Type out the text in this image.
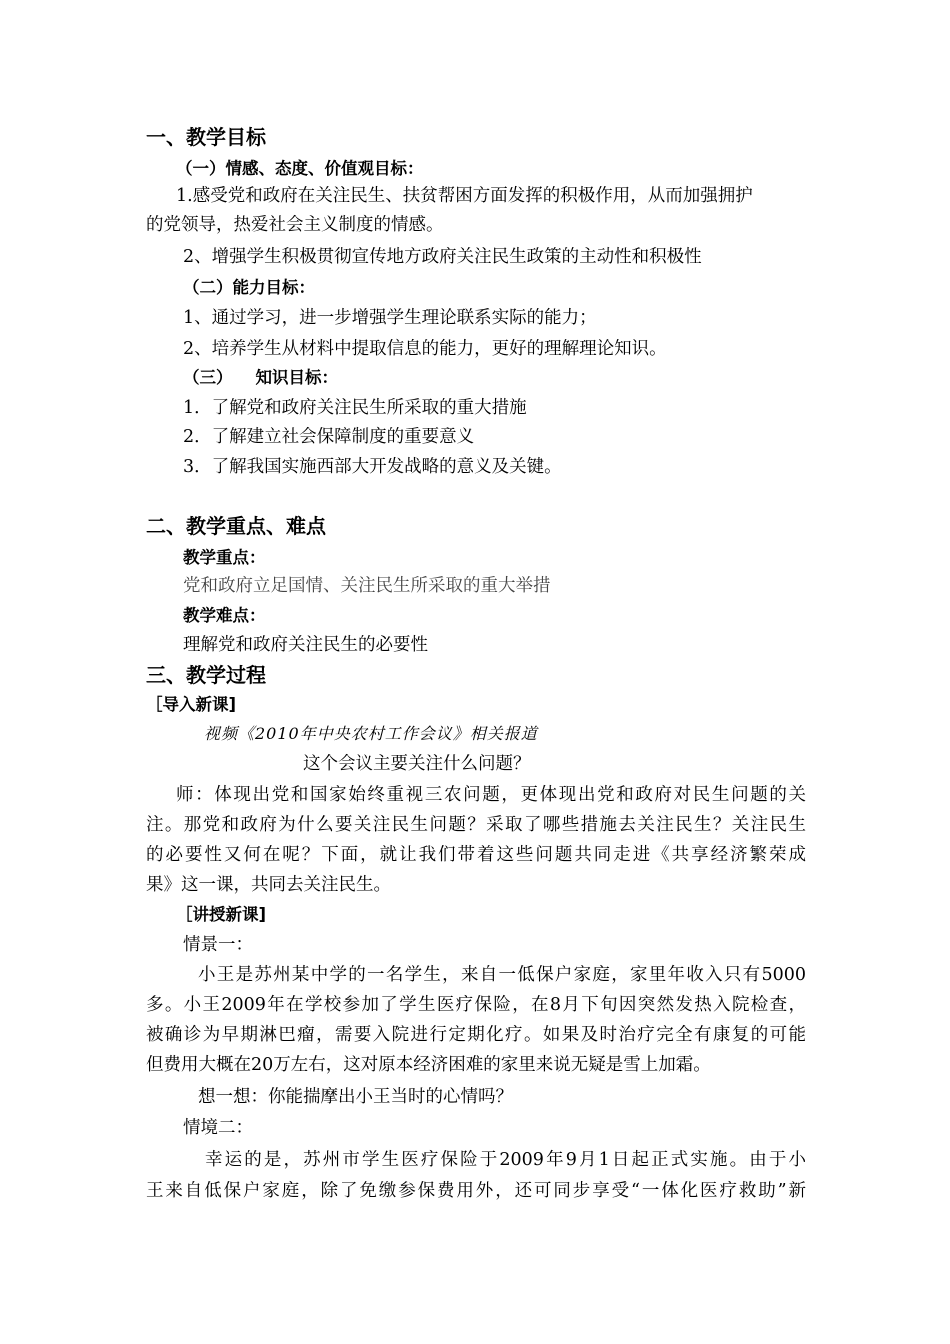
一、教学目标
（一）情感、态度、价值观目标：
1.感受党和政府在关注民生、扶贫帮困方面发挥的积极作用，从而加强拥护
的党领导，热爱社会主义制度的情感。
2、增强学生积极贯彻宣传地方政府关注民生政策的主动性和积极性
（二）能力目标：
1、通过学习，进一步增强学生理论联系实际的能力；
2、培养学生从材料中提取信息的能力，更好的理解理论知识。
（三）    知识目标：
1．了解党和政府关注民生所采取的重大措施
2．了解建立社会保障制度的重要意义
3．了解我国实施西部大开发战略的意义及关键。
二、教学重点、难点
教学重点：
党和政府立足国情、关注民生所采取的重大举措
教学难点：
理解党和政府关注民生的必要性
三、教学过程
［导入新课]
视频《2010年中央农村工作会议》相关报道
这个会议主要关注什么问题？
师：体现出党和国家始终重视三农问题，更体现出党和政府对民生问题的关
注。那党和政府为什么要关注民生问题？采取了哪些措施去关注民生？关注民生
的必要性又何在呢？下面，就让我们带着这些问题共同走进《共享经济繁荣成
果》这一课，共同去关注民生。
［讲授新课]
情景一：
小王是苏州某中学的一名学生，来自一低保户家庭，家里年收入只有5000
多。小王2009年在学校参加了学生医疗保险，在8月下旬因突然发热入院检查，
被确诊为早期淋巴瘤，需要入院进行定期化疗。如果及时治疗完全有康复的可能
但费用大概在20万左右，这对原本经济困难的家里来说无疑是雪上加霜。
想一想：你能揣摩出小王当时的心情吗？
情境二：
幸运的是，苏州市学生医疗保险于2009年9月1日起正式实施。由于小
王来自低保户家庭，除了免缴参保费用外，还可同步享受“一体化医疗救助”新
